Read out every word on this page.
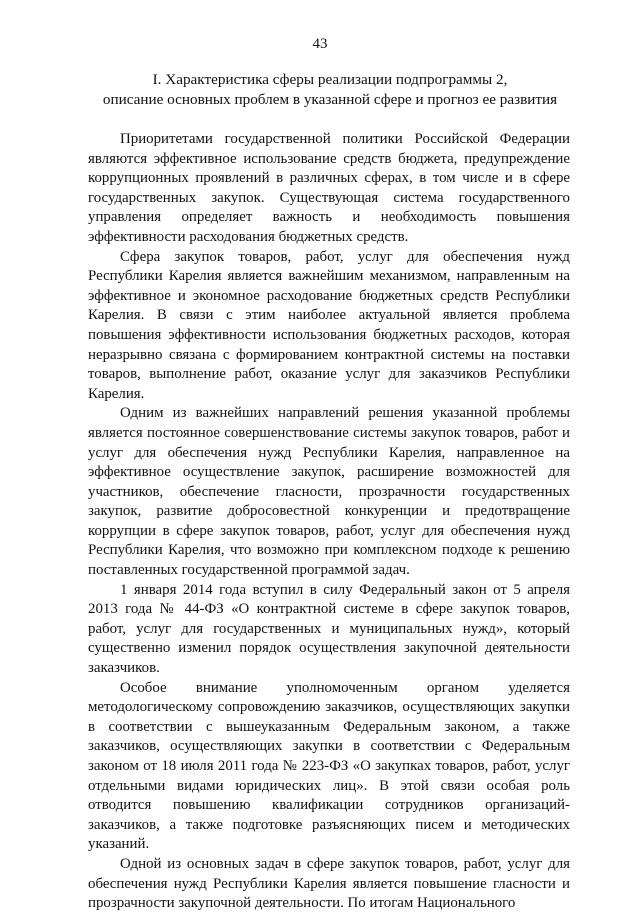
43
I. Характеристика сферы реализации подпрограммы 2,
описание основных проблем в указанной сфере и прогноз ее развития

Приоритетами государственной политики Российской Федерации являются эффективное использование средств бюджета, предупреждение коррупционных проявлений в различных сферах, в том числе и в сфере государственных закупок. Существующая система государственного управления определяет важность и необходимость повышения эффективности расходования бюджетных средств.

Сфера закупок товаров, работ, услуг для обеспечения нужд Республики Карелия является важнейшим механизмом, направленным на эффективное и экономное расходование бюджетных средств Республики Карелия. В связи с этим наиболее актуальной является проблема повышения эффективности использования бюджетных расходов, которая неразрывно связана с формированием контрактной системы на поставки товаров, выполнение работ, оказание услуг для заказчиков Республики Карелия.

Одним из важнейших направлений решения указанной проблемы является постоянное совершенствование системы закупок товаров, работ и услуг для обеспечения нужд Республики Карелия, направленное на эффективное осуществление закупок, расширение возможностей для участников, обеспечение гласности, прозрачности государственных закупок, развитие добросовестной конкуренции и предотвращение коррупции в сфере закупок товаров, работ, услуг для обеспечения нужд Республики Карелия, что возможно при комплексном подходе к решению поставленных государственной программой задач.

1 января 2014 года вступил в силу Федеральный закон от 5 апреля 2013 года № 44-ФЗ «О контрактной системе в сфере закупок товаров, работ, услуг для государственных и муниципальных нужд», который существенно изменил порядок осуществления закупочной деятельности заказчиков.

Особое внимание уполномоченным органом уделяется методологическому сопровождению заказчиков, осуществляющих закупки в соответствии с вышеуказанным Федеральным законом, а также заказчиков, осуществляющих закупки в соответствии с Федеральным законом от 18 июля 2011 года № 223-ФЗ «О закупках товаров, работ, услуг отдельными видами юридических лиц». В этой связи особая роль отводится повышению квалификации сотрудников организаций-заказчиков, а также подготовке разъясняющих писем и методических указаний.

Одной из основных задач в сфере закупок товаров, работ, услуг для обеспечения нужд Республики Карелия является повышение гласности и прозрачности закупочной деятельности. По итогам Национального
